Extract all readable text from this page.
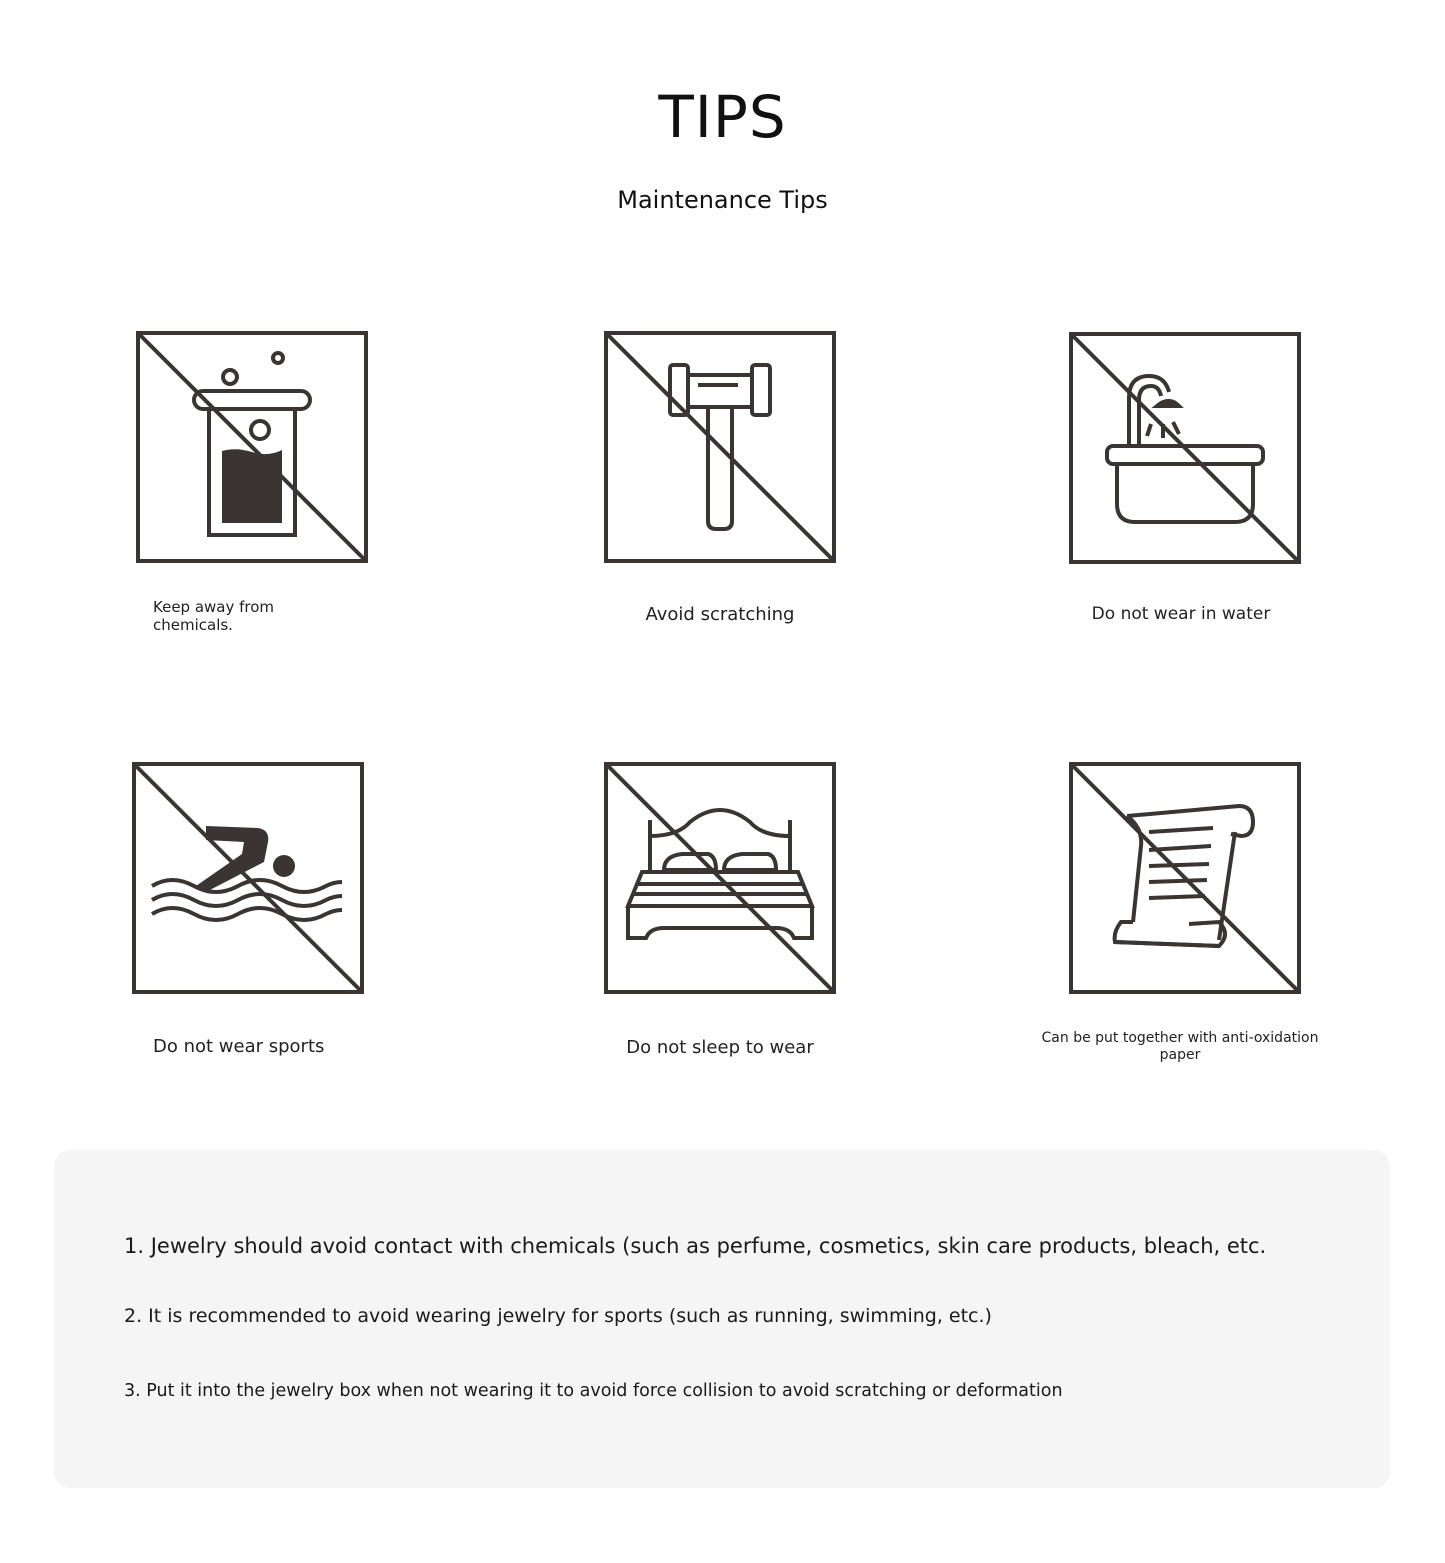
TIPS
Maintenance Tips
Keep away from chemicals.	Avoid scratching	Do not wear in water
Do not wear sports	Do not sleep to wear	Can be put together with anti-oxidation paper
1. Jewelry should avoid contact with chemicals (such as perfume, cosmetics, skin care products, bleach, etc.
2. It is recommended to avoid wearing jewelry for sports (such as running, swimming, etc.)
3. Put it into the jewelry box when not wearing it to avoid force collision to avoid scratching or deformation
